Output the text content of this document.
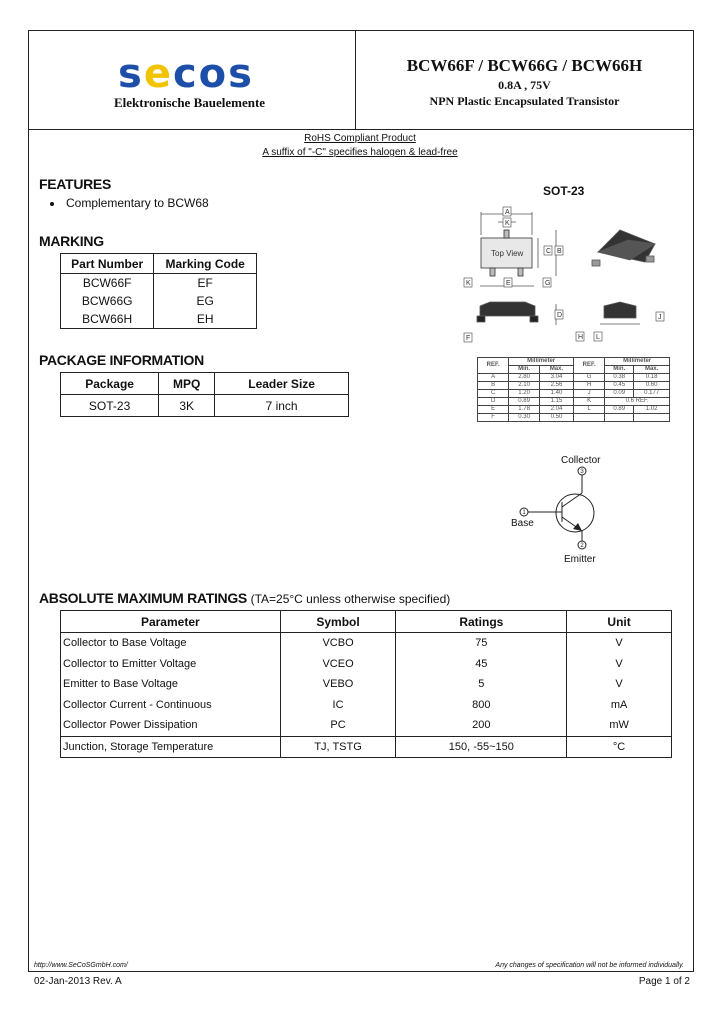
secos
Elektronische Bauelemente
BCW66F / BCW66G / BCW66H
0.8A , 75V
NPN Plastic Encapsulated Transistor
RoHS Compliant Product
A suffix of "-C" specifies halogen & lead-free
FEATURES
Complementary to BCW68
MARKING
Part Number	Marking Code
BCW66F	EF
BCW66G	EG
BCW66H	EH
PACKAGE INFORMATION
Package	MPQ	Leader Size
SOT-23	3K	7 inch
SOT-23
A
K
Top View	C B
K	E	G
F
D
H L
J
REF.	Millimeter		REF.	Millimeter	
	Min.	Max.		Min.	Max.
A	2.80	3.04	G	0.38	0.18
B	2.10	2.56	H	0.45	0.60
C	1.20	1.40	J	0.09	0.177
D	0.89	1.15	K	0.6 REF.	
E	1.78	2.04	L	0.89	1.02
F	0.30	0.50			
Collector
Base
Emitter
3
1
2
ABSOLUTE MAXIMUM RATINGS (TA=25°C unless otherwise specified)
Parameter	Symbol	Ratings	Unit
Collector to Base Voltage	VCBO	75	V
Collector to Emitter Voltage	VCEO	45	V
Emitter to Base Voltage	VEBO	5	V
Collector Current - Continuous	IC	800	mA
Collector Power Dissipation	PC	200	mW
Junction, Storage Temperature	TJ, TSTG	150, -55~150	°C
http://www.SeCoSGmbH.com/	Any changes of specification will not be informed individually.
02-Jan-2013 Rev. A	Page 1 of 2
